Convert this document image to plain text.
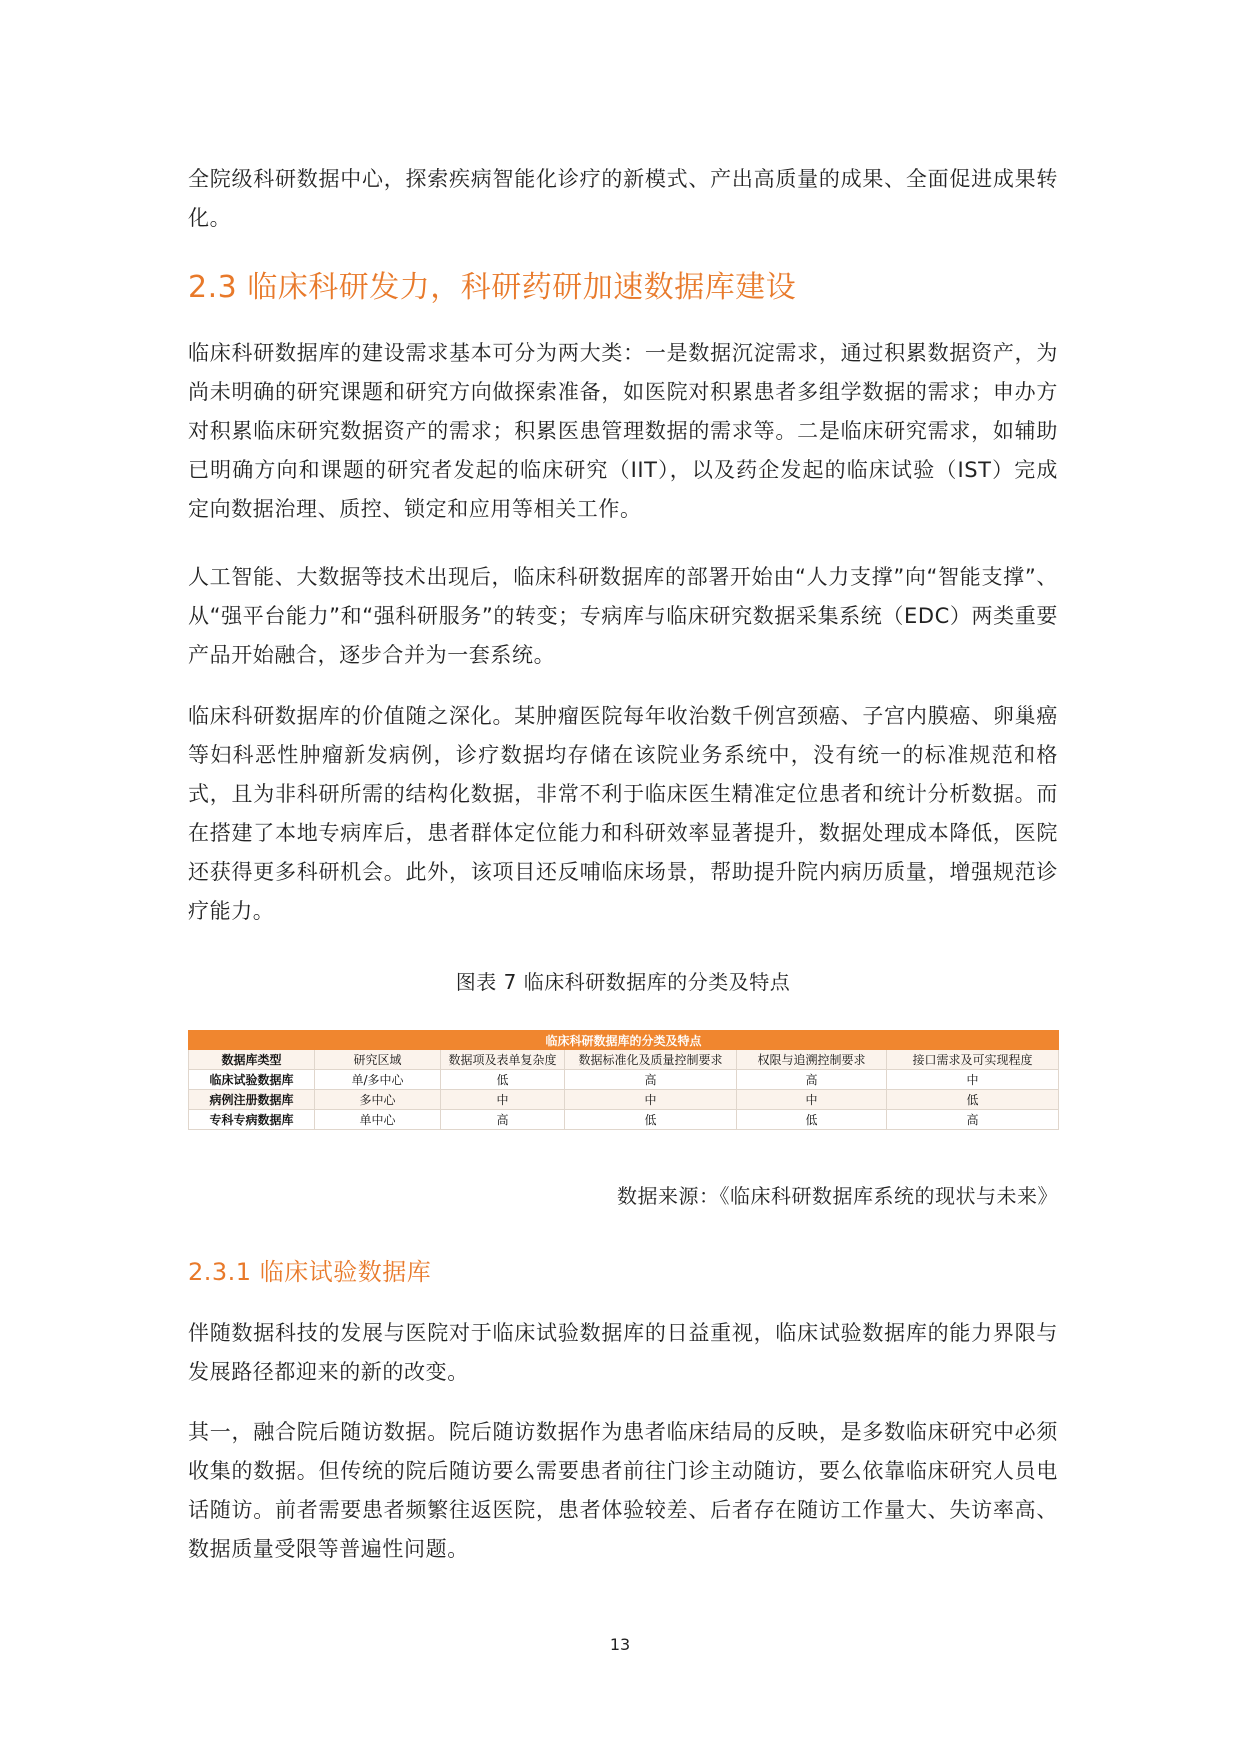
全院级科研数据中心，探索疾病智能化诊疗的新模式、产出高质量的成果、全面促进成果转化。

2.3 临床科研发力，科研药研加速数据库建设

临床科研数据库的建设需求基本可分为两大类：一是数据沉淀需求，通过积累数据资产，为尚未明确的研究课题和研究方向做探索准备，如医院对积累患者多组学数据的需求；申办方对积累临床研究数据资产的需求；积累医患管理数据的需求等。二是临床研究需求，如辅助已明确方向和课题的研究者发起的临床研究（IIT），以及药企发起的临床试验（IST）完成定向数据治理、质控、锁定和应用等相关工作。

人工智能、大数据等技术出现后，临床科研数据库的部署开始由“人力支撑”向“智能支撑”、从“强平台能力”和“强科研服务”的转变；专病库与临床研究数据采集系统（EDC）两类重要产品开始融合，逐步合并为一套系统。

临床科研数据库的价值随之深化。某肿瘤医院每年收治数千例宫颈癌、子宫内膜癌、卵巢癌等妇科恶性肿瘤新发病例，诊疗数据均存储在该院业务系统中，没有统一的标准规范和格式，且为非科研所需的结构化数据，非常不利于临床医生精准定位患者和统计分析数据。而在搭建了本地专病库后，患者群体定位能力和科研效率显著提升，数据处理成本降低，医院还获得更多科研机会。此外，该项目还反哺临床场景，帮助提升院内病历质量，增强规范诊疗能力。

图表 7 临床科研数据库的分类及特点
临床科研数据库的分类及特点					
数据库类型	研究区域	数据项及表单复杂度	数据标准化及质量控制要求	权限与追溯控制要求	接口需求及可实现程度
临床试验数据库	单/多中心	低	高	高	中
病例注册数据库	多中心	中	中	中	低
专科专病数据库	单中心	高	低	低	高
数据来源：《临床科研数据库系统的现状与未来》
2.3.1 临床试验数据库

伴随数据科技的发展与医院对于临床试验数据库的日益重视，临床试验数据库的能力界限与发展路径都迎来的新的改变。

其一，融合院后随访数据。院后随访数据作为患者临床结局的反映，是多数临床研究中必须收集的数据。但传统的院后随访要么需要患者前往门诊主动随访，要么依靠临床研究人员电话随访。前者需要患者频繁往返医院，患者体验较差、后者存在随访工作量大、失访率高、数据质量受限等普遍性问题。

13
